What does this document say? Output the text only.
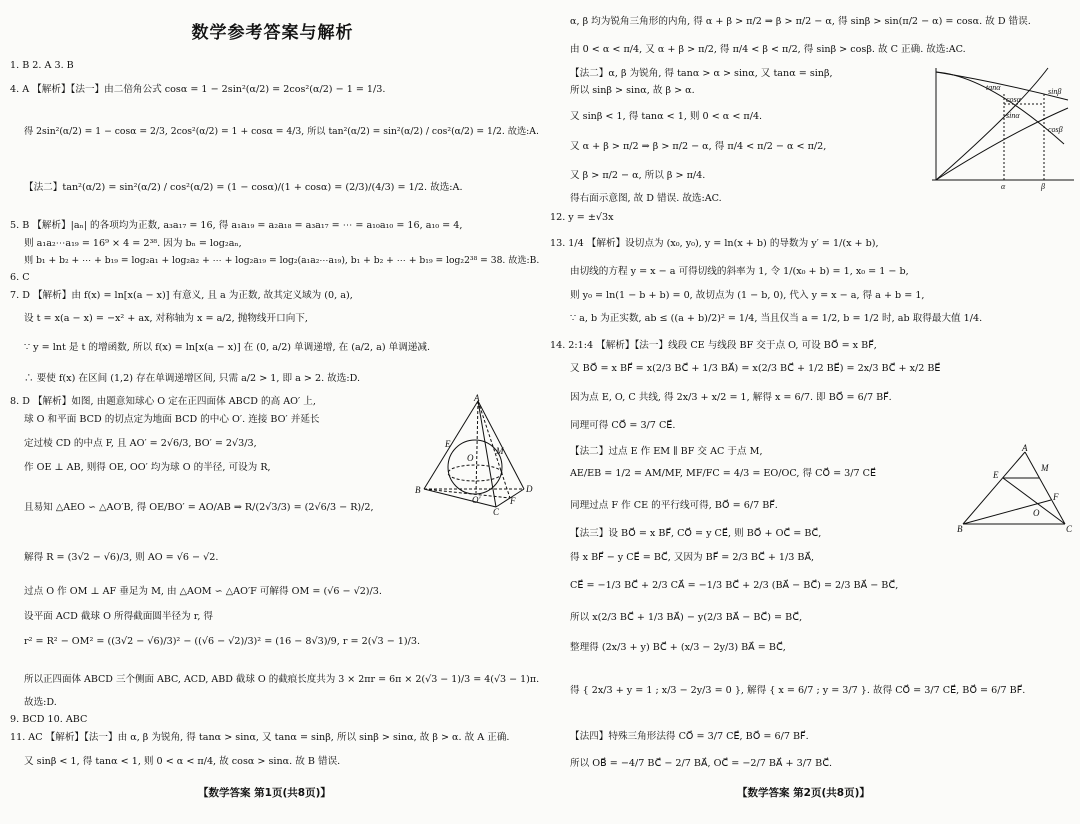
数学参考答案与解析
1. B 2. A 3. B
4. A 【解析】【法一】由二倍角公式 cosα = 1 − 2sin²(α/2) = 2cos²(α/2) − 1 = 1/3.
得 2sin²(α/2) = 1 − cosα = 2/3, 2cos²(α/2) = 1 + cosα = 4/3, 所以 tan²(α/2) = sin²(α/2) / cos²(α/2) = 1/2. 故选:A.
【法二】tan²(α/2) = sin²(α/2) / cos²(α/2) = (1 − cosα)/(1 + cosα) = (2/3)/(4/3) = 1/2. 故选:A.
5. B 【解析】|aₙ| 的各项均为正数, a₃a₁₇ = 16, 得 a₁a₁₉ = a₂a₁₈ = a₃a₁₇ = ⋯ = a₁₀a₁₀ = 16, a₁₀ = 4,
则 a₁a₂⋯a₁₉ = 16⁹ × 4 = 2³⁸. 因为 bₙ = log₂aₙ,
则 b₁ + b₂ + ⋯ + b₁₉ = log₂a₁ + log₂a₂ + ⋯ + log₂a₁₉ = log₂(a₁a₂⋯a₁₉), b₁ + b₂ + ⋯ + b₁₉ = log₂2³⁸ = 38. 故选:B.
6. C
7. D 【解析】由 f(x) = ln[x(a − x)] 有意义, 且 a 为正数, 故其定义域为 (0, a),
设 t = x(a − x) = −x² + ax, 对称轴为 x = a/2, 抛物线开口向下,
∵ y = lnt 是 t 的增函数, 所以 f(x) = ln[x(a − x)] 在 (0, a/2) 单调递增, 在 (a/2, a) 单调递减.
∴ 要使 f(x) 在区间 (1,2) 存在单调递增区间, 只需 a/2 > 1, 即 a > 2. 故选:D.
8. D 【解析】如图, 由题意知球心 O 定在正四面体 ABCD 的高 AO′ 上,
球 O 和平面 BCD 的切点定为地面 BCD 的中心 O′. 连接 BO′ 并延长
定过棱 CD 的中点 F, 且 AO′ = 2√6/3, BO′ = 2√3/3,
作 OE ⊥ AB, 则得 OE, OO′ 均为球 O 的半径, 可设为 R,
且易知 △AEO ∽ △AO′B, 得 OE/BO′ = AO/AB ⇒ R/(2√3/3) = (2√6/3 − R)/2,
解得 R = (3√2 − √6)/3, 则 AO = √6 − √2.
过点 O 作 OM ⊥ AF 垂足为 M, 由 △AOM ∽ △AO′F 可解得 OM = (√6 − √2)/3.
设平面 ACD 截球 O 所得截面圆半径为 r, 得
r² = R² − OM² = ((3√2 − √6)/3)² − ((√6 − √2)/3)² = (16 − 8√3)/9, r = 2(√3 − 1)/3.
所以正四面体 ABCD 三个侧面 ABC, ACD, ABD 截球 O 的截痕长度共为 3 × 2πr = 6π × 2(√3 − 1)/3 = 4(√3 − 1)π.
故选:D.
9. BCD 10. ABC
11. AC 【解析】【法一】由 α, β 为锐角, 得 tanα > sinα, 又 tanα = sinβ, 所以 sinβ > sinα, 故 β > α. 故 A 正确.
又 sinβ < 1, 得 tanα < 1, 则 0 < α < π/4, 故 cosα > sinα. 故 B 错误.
A
E
O
M
B
O′	F
D
C
【数学答案 第1页(共8页)】
α, β 均为锐角三角形的内角, 得 α + β > π/2 ⇒ β > π/2 − α, 得 sinβ > sin(π/2 − α) = cosα. 故 D 错误.
由 0 < α < π/4, 又 α + β > π/2, 得 π/4 < β < π/2, 得 sinβ > cosβ. 故 C 正确. 故选:AC.
【法二】α, β 为锐角, 得 tanα > α > sinα, 又 tanα = sinβ,
所以 sinβ > sinα, 故 β > α.
又 sinβ < 1, 得 tanα < 1, 则 0 < α < π/4.
又 α + β > π/2 ⇒ β > π/2 − α, 得 π/4 < π/2 − α < π/2,
又 β > π/2 − α, 所以 β > π/4.
得右面示意图, 故 D 错误. 故选:AC.
12. y = ±√3x
13. 1/4 【解析】设切点为 (x₀, y₀), y = ln(x + b) 的导数为 y′ = 1/(x + b),
由切线的方程 y = x − a 可得切线的斜率为 1, 令 1/(x₀ + b) = 1, x₀ = 1 − b,
则 y₀ = ln(1 − b + b) = 0, 故切点为 (1 − b, 0), 代入 y = x − a, 得 a + b = 1,
∵ a, b 为正实数, ab ≤ ((a + b)/2)² = 1/4, 当且仅当 a = 1/2, b = 1/2 时, ab 取得最大值 1/4.
14. 2:1:4 【解析】【法一】线段 CE 与线段 BF 交于点 O, 可设 BO⃗ = x BF⃗,
又 BO⃗ = x BF⃗ = x(2/3 BC⃗ + 1/3 BA⃗) = x(2/3 BC⃗ + 1/2 BE⃗) = 2x/3 BC⃗ + x/2 BE⃗
因为点 E, O, C 共线, 得 2x/3 + x/2 = 1, 解得 x = 6/7. 即 BO⃗ = 6/7 BF⃗.
同理可得 CO⃗ = 3/7 CE⃗.
【法二】过点 E 作 EM ∥ BF 交 AC 于点 M,
AE/EB = 1/2 = AM/MF, MF/FC = 4/3 = EO/OC, 得 CO⃗ = 3/7 CE⃗
同理过点 F 作 CE 的平行线可得, BO⃗ = 6/7 BF⃗.
【法三】设 BO⃗ = x BF⃗, CO⃗ = y CE⃗, 则 BO⃗ + OC⃗ = BC⃗,
得 x BF⃗ − y CE⃗ = BC⃗, 又因为 BF⃗ = 2/3 BC⃗ + 1/3 BA⃗,
CE⃗ = −1/3 BC⃗ + 2/3 CA⃗ = −1/3 BC⃗ + 2/3 (BA⃗ − BC⃗) = 2/3 BA⃗ − BC⃗,
所以 x(2/3 BC⃗ + 1/3 BA⃗) − y(2/3 BA⃗ − BC⃗) = BC⃗,
整理得 (2x/3 + y) BC⃗ + (x/3 − 2y/3) BA⃗ = BC⃗,
得 { 2x/3 + y = 1 ; x/3 − 2y/3 = 0 }, 解得 { x = 6/7 ; y = 3/7 }. 故得 CO⃗ = 3/7 CE⃗, BO⃗ = 6/7 BF⃗.
【法四】特殊三角形法得 CO⃗ = 3/7 CE⃗, BO⃗ = 6/7 BF⃗.
所以 OB⃗ = −4/7 BC⃗ − 2/7 BA⃗, OC⃗ = −2/7 BA⃗ + 3/7 BC⃗.
tanα
cosα
sinα
sinβ
cosβ
α	β
A
M
E
F
O
B	C
【数学答案 第2页(共8页)】
